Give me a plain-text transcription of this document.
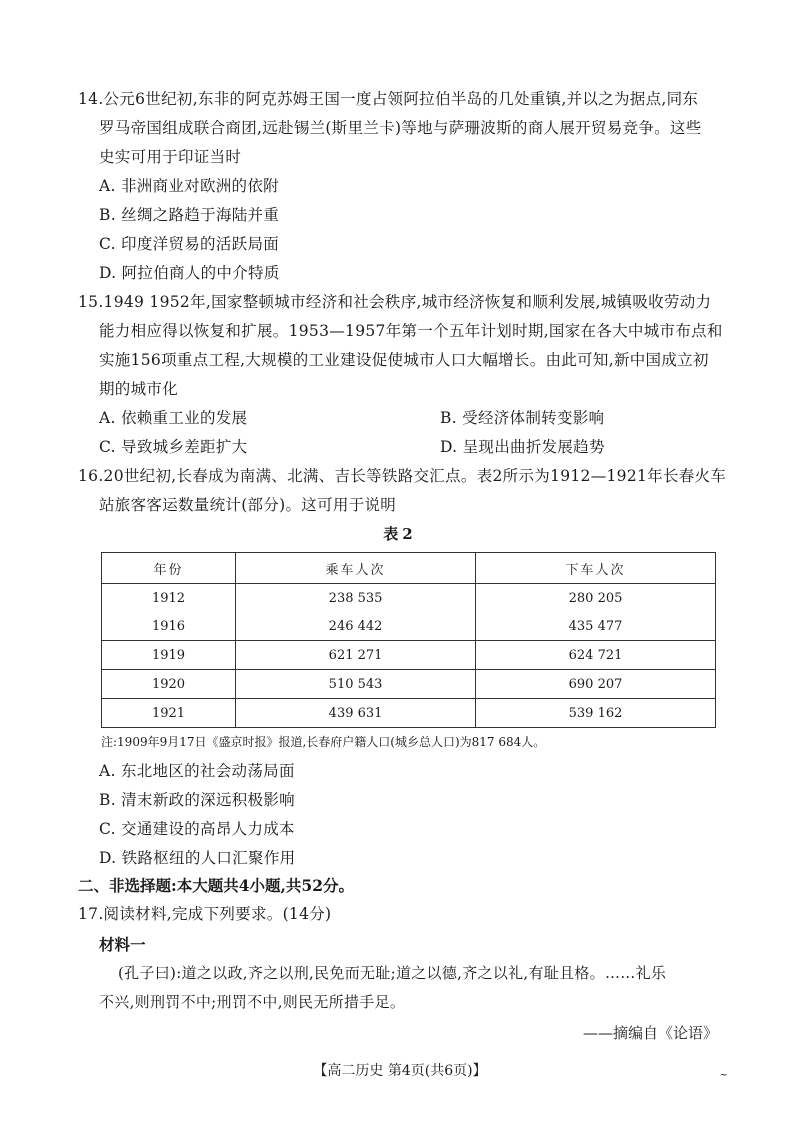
14.公元6世纪初,东非的阿克苏姆王国一度占领阿拉伯半岛的几处重镇,并以之为据点,同东
罗马帝国组成联合商团,远赴锡兰(斯里兰卡)等地与萨珊波斯的商人展开贸易竞争。这些
史实可用于印证当时
A. 非洲商业对欧洲的依附
B. 丝绸之路趋于海陆并重
C. 印度洋贸易的活跃局面
D. 阿拉伯商人的中介特质
15.1949 1952年,国家整顿城市经济和社会秩序,城市经济恢复和顺利发展,城镇吸收劳动力
能力相应得以恢复和扩展。1953—1957年第一个五年计划时期,国家在各大中城市布点和
实施156项重点工程,大规模的工业建设促使城市人口大幅增长。由此可知,新中国成立初
期的城市化
A. 依赖重工业的发展	B. 受经济体制转变影响
C. 导致城乡差距扩大	D. 呈现出曲折发展趋势
16.20世纪初,长春成为南满、北满、吉长等铁路交汇点。表2所示为1912—1921年长春火车
站旅客客运数量统计(部分)。这可用于说明
表2
年份	乘车人次	下车人次
1912	238 535	280 205
1916	246 442	435 477
1919	621 271	624 721
1920	510 543	690 207
1921	439 631	539 162
注:1909年9月17日《盛京时报》报道,长春府户籍人口(城乡总人口)为817 684人。
A. 东北地区的社会动荡局面
B. 清末新政的深远积极影响
C. 交通建设的高昂人力成本
D. 铁路枢纽的人口汇聚作用
二、非选择题:本大题共4小题,共52分。
17.阅读材料,完成下列要求。(14分)
材料一
(孔子曰):道之以政,齐之以刑,民免而无耻;道之以德,齐之以礼,有耻且格。……礼乐
不兴,则刑罚不中;刑罚不中,则民无所措手足。
——摘编自《论语》
【高二历史 第4页(共6页)】	~
